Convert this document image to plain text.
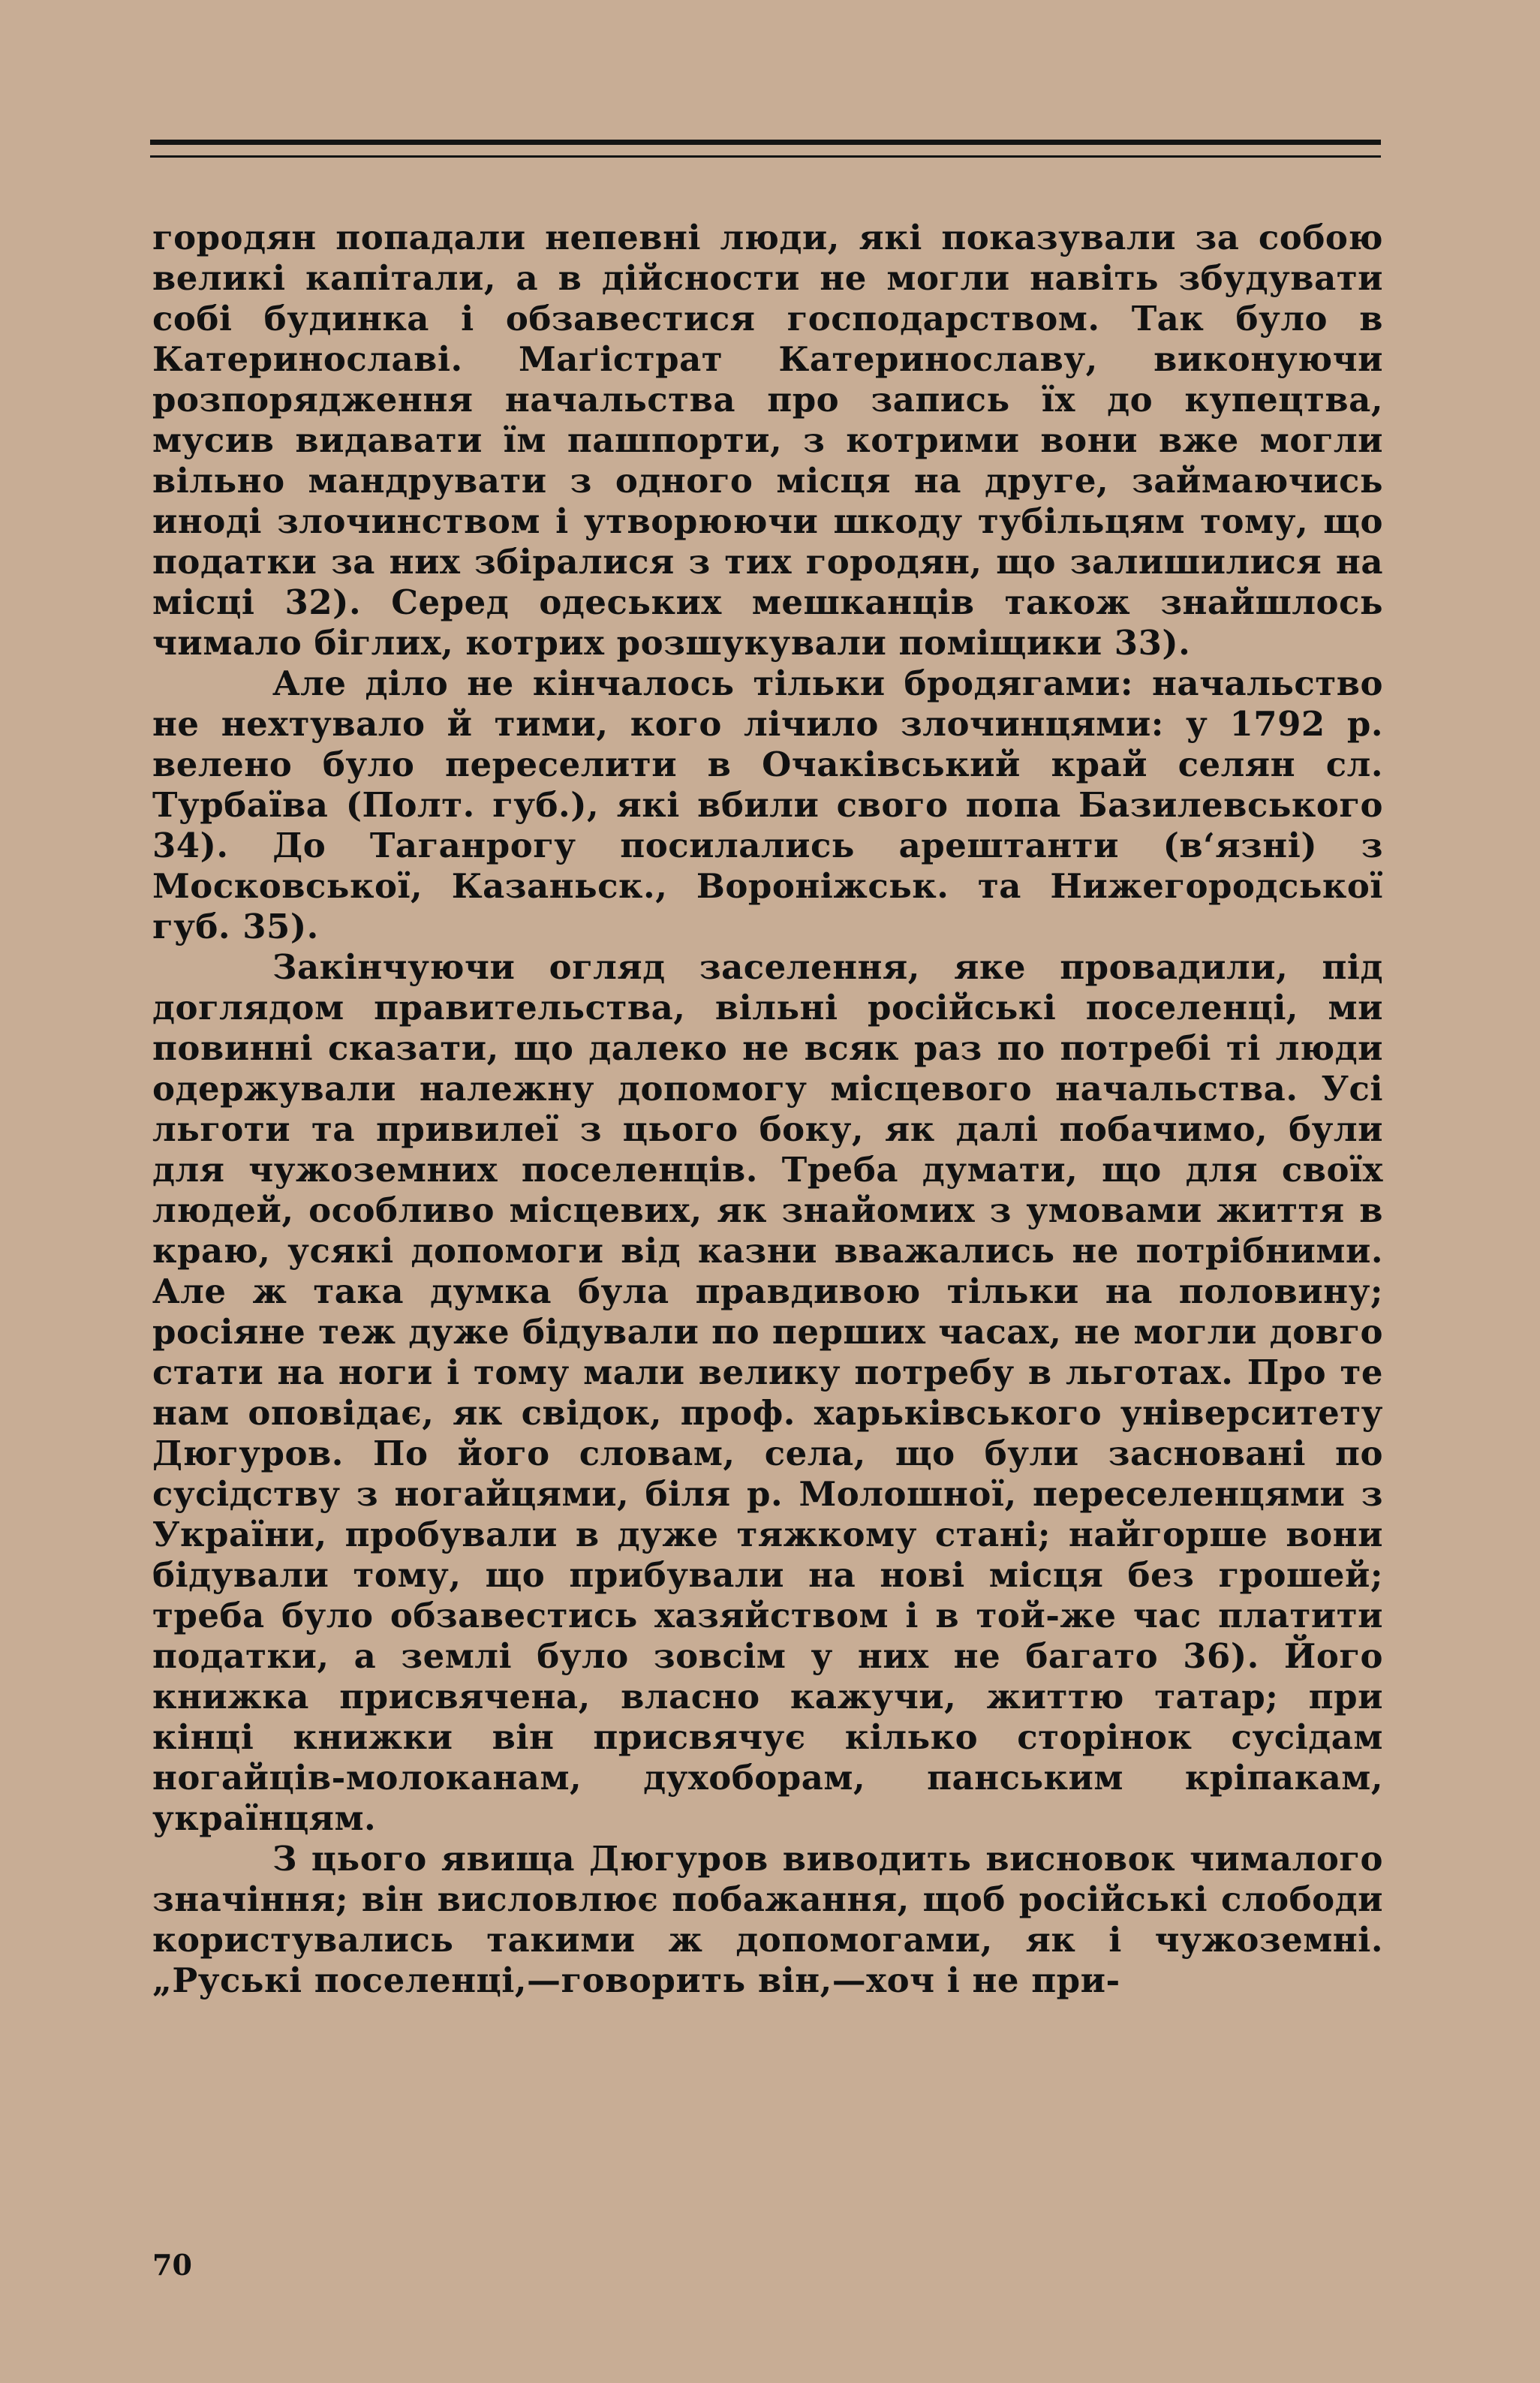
городян попадали непевні люди, які показували за собою великі капітали, а в дійсности не могли навіть збудувати собі будинка і обзавестися господарством. Так було в Катеринославі. Маґістрат Катеринославу, виконуючи розпорядження начальства про запись їх до купецтва, мусив видавати їм пашпорти, з котрими вони вже могли вільно мандрувати з одного місця на друге, займаючись иноді злочинством і утворюючи шкоду тубільцям тому, що податки за них збіралися з тих городян, що залишилися на місці 32). Серед одеських мешканців також знайшлось чимало біглих, котрих розшукували поміщики 33).

Але діло не кінчалось тільки бродягами: начальство не нехтувало й тими, кого лічило злочинцями: у 1792 р. велено було переселити в Очаківський край селян сл. Турбаїва (Полт. губ.), які вбили свого попа Базилевського 34). До Таганрогу посилались арештанти (в‘язні) з Московської, Казаньск., Вороніжськ. та Нижегородської губ. 35).

Закінчуючи огляд заселення, яке провадили, під доглядом правительства, вільні російські поселенці, ми повинні сказати, що далеко не всяк раз по потребі ті люди одержували належну допомогу місцевого начальства. Усі льготи та привилеї з цього боку, як далі побачимо, були для чужоземних поселенців. Треба думати, що для своїх людей, особливо місцевих, як знайомих з умовами життя в краю, усякі допомоги від казни вважались не потрібними. Але ж така думка була правдивою тільки на половину; росіяне теж дуже бідували по перших часах, не могли довго стати на ноги і тому мали велику потребу в льготах. Про те нам оповідає, як свідок, проф. харьківського університету Дюгуров. По його словам, села, що були засновані по сусідству з ногайцями, біля р. Молошної, переселенцями з України, пробували в дуже тяжкому стані; найгорше вони бідували тому, що прибували на нові місця без грошей; треба було обзавестись хазяйством і в той-же час платити податки, а землі було зовсім у них не багато 36). Його книжка присвячена, власно кажучи, життю татар; при кінці книжки він присвячує кілько сторінок сусідам ногайців-молоканам, духоборам, панським кріпакам, українцям.

З цього явища Дюгуров виводить висновок чималого значіння; він висловлює побажання, щоб російські слободи користувались такими ж допомогами, як і чужоземні. „Руські поселенці,—говорить він,—хоч і не при-

70
